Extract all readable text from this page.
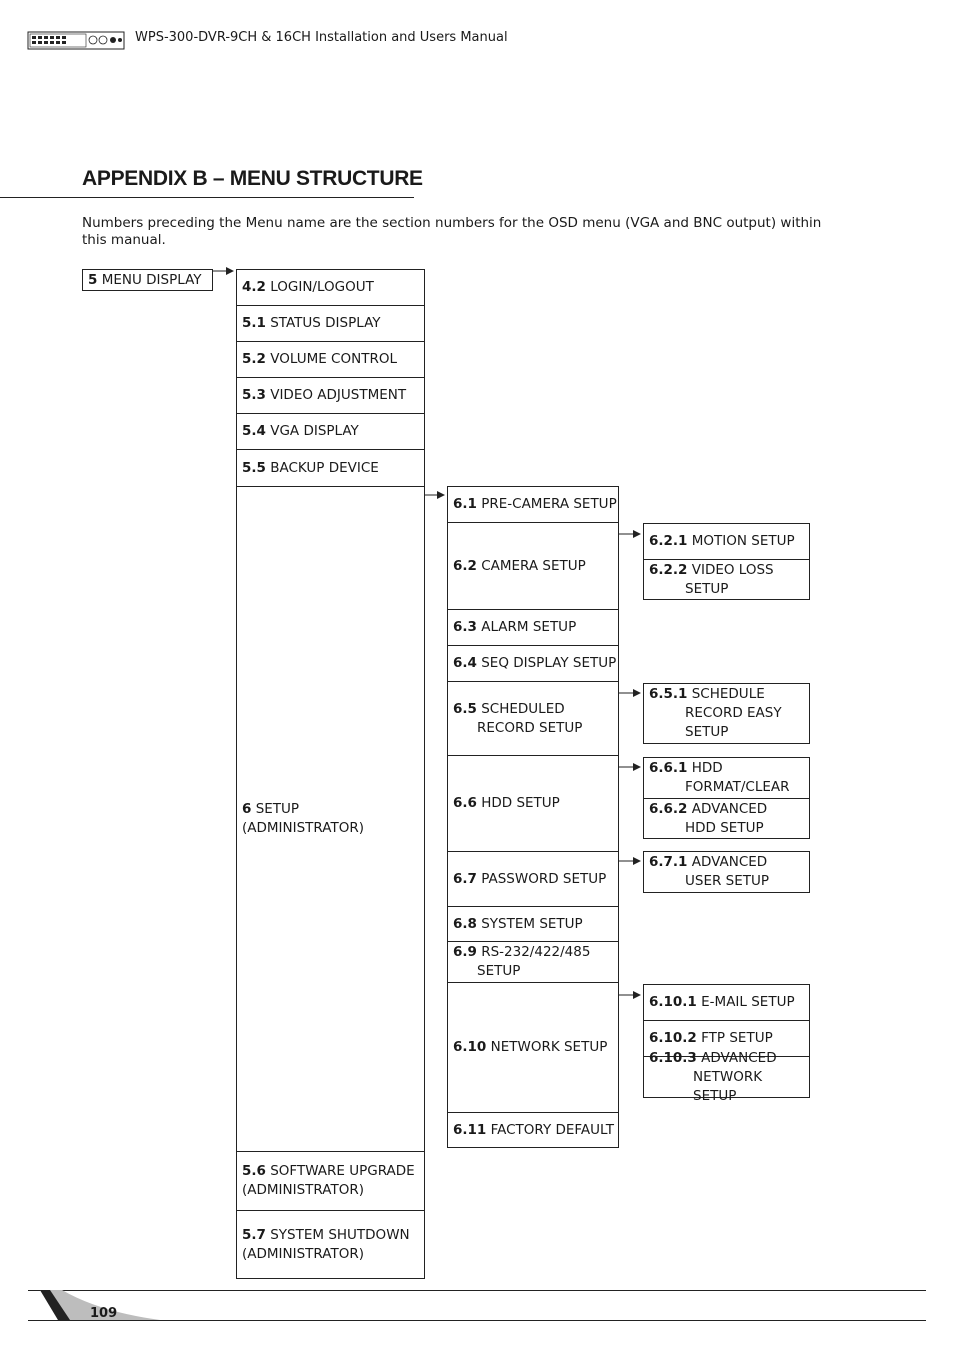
WPS-300-DVR-9CH & 16CH Installation and Users Manual
APPENDIX B – MENU STRUCTURE
Numbers preceding the Menu name are the section numbers for the OSD menu (VGA and BNC output) within this manual.
5 MENU DISPLAY	4.2 LOGIN/LOGOUT
5.1 STATUS DISPLAY
5.2 VOLUME CONTROL
5.3 VIDEO ADJUSTMENT
5.4 VGA DISPLAY
5.5 BACKUP DEVICE
6 SETUP
(ADMINISTRATOR)
5.6 SOFTWARE UPGRADE
(ADMINISTRATOR)
5.7 SYSTEM SHUTDOWN
(ADMINISTRATOR)
6.1 PRE-CAMERA SETUP
6.2 CAMERA SETUP
6.3 ALARM SETUP
6.4 SEQ DISPLAY SETUP
6.5 SCHEDULED
RECORD SETUP
6.6 HDD SETUP
6.7 PASSWORD SETUP
6.8 SYSTEM SETUP
6.9 RS-232/422/485
SETUP
6.10 NETWORK SETUP
6.11 FACTORY DEFAULT
6.2.1 MOTION SETUP
6.2.2 VIDEO LOSS
SETUP
6.5.1 SCHEDULE
RECORD EASY
SETUP
6.6.1 HDD
FORMAT/CLEAR
6.6.2 ADVANCED
HDD SETUP
6.7.1 ADVANCED
USER SETUP
6.10.1 E-MAIL SETUP
6.10.2 FTP SETUP
6.10.3 ADVANCED
NETWORK SETUP
109
